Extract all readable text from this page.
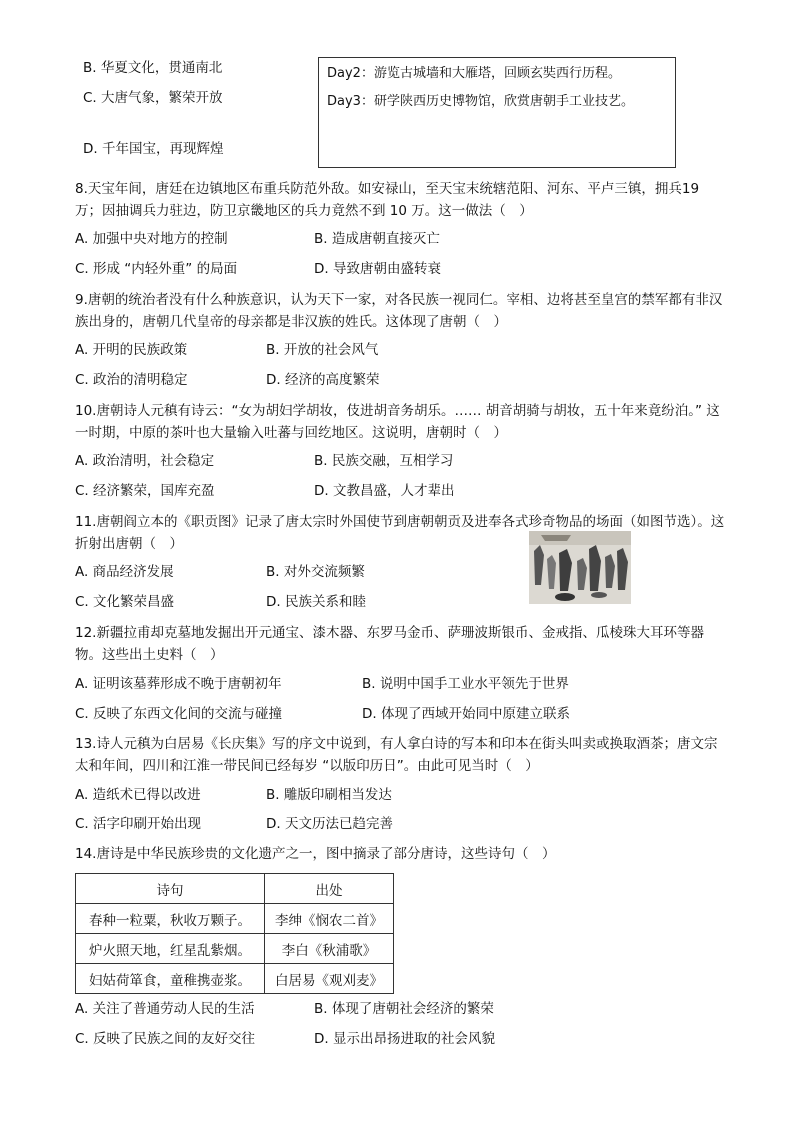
B. 华夏文化，贯通南北
C. 大唐气象，繁荣开放
D. 千年国宝，再现辉煌
Day2：游览古城墙和大雁塔，回顾玄奘西行历程。
Day3：研学陕西历史博物馆，欣赏唐朝手工业技艺。
8.天宝年间，唐廷在边镇地区布重兵防范外敌。如安禄山，至天宝末统辖范阳、河东、平卢三镇，拥兵19 万；因抽调兵力驻边，防卫京畿地区的兵力竟然不到 10 万。这一做法（　）
A. 加强中央对地方的控制	B. 造成唐朝直接灭亡
C. 形成 “内轻外重” 的局面	D. 导致唐朝由盛转衰
9.唐朝的统治者没有什么种族意识，认为天下一家，对各民族一视同仁。宰相、边将甚至皇宫的禁军都有非汉族出身的，唐朝几代皇帝的母亲都是非汉族的姓氏。这体现了唐朝（　）
A. 开明的民族政策	B. 开放的社会风气
C. 政治的清明稳定	D. 经济的高度繁荣
10.唐朝诗人元稹有诗云：“女为胡妇学胡妆，伎进胡音务胡乐。…… 胡音胡骑与胡妆，五十年来竟纷泊。” 这一时期，中原的茶叶也大量输入吐蕃与回纥地区。这说明，唐朝时（　）
A. 政治清明，社会稳定	B. 民族交融，互相学习
C. 经济繁荣，国库充盈	D. 文教昌盛，人才辈出
11.唐朝阎立本的《职贡图》记录了唐太宗时外国使节到唐朝朝贡及进奉各式珍奇物品的场面（如图节选）。这折射出唐朝（　）
A. 商品经济发展	B. 对外交流频繁
C. 文化繁荣昌盛	D. 民族关系和睦
12.新疆拉甫却克墓地发掘出开元通宝、漆木器、东罗马金币、萨珊波斯银币、金戒指、瓜棱珠大耳环等器物。这些出土史料（　）
A. 证明该墓葬形成不晚于唐朝初年	B. 说明中国手工业水平领先于世界
C. 反映了东西文化间的交流与碰撞	D. 体现了西域开始同中原建立联系
13.诗人元稹为白居易《长庆集》写的序文中说到，有人拿白诗的写本和印本在街头叫卖或换取酒茶；唐文宗太和年间，四川和江淮一带民间已经每岁 “以版印历日”。由此可见当时（　）
A. 造纸术已得以改进	B. 雕版印刷相当发达
C. 活字印刷开始出现	D. 天文历法已趋完善
14.唐诗是中华民族珍贵的文化遗产之一，图中摘录了部分唐诗，这些诗句（　）
诗句	出处
春种一粒粟，秋收万颗子。	李绅《悯农二首》
炉火照天地，红星乱紫烟。	李白《秋浦歌》
妇姑荷箪食，童稚携壶浆。	白居易《观刈麦》
A. 关注了普通劳动人民的生活	B. 体现了唐朝社会经济的繁荣
C. 反映了民族之间的友好交往	D. 显示出昂扬进取的社会风貌
